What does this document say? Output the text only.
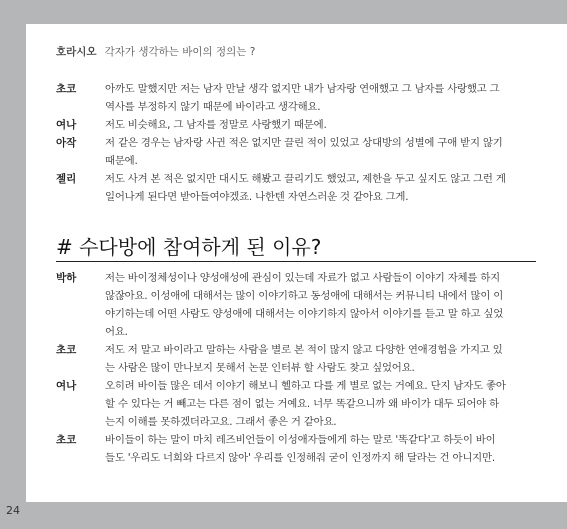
호라시오 각자가 생각하는 바이의 정의는 ?
초코	아까도 말했지만 저는 남자 만날 생각 없지만 내가 남자랑 연애했고 그 남자를 사랑했고 그
역사를 부정하지 않기 때문에 바이라고 생각해요.
여나	저도 비슷해요, 그 남자를 정말로 사랑했기 때문에.
아작	저 같은 경우는 남자랑 사귄 적은 없지만 끌린 적이 있었고 상대방의 성별에 구애 받지 않기
때문에.
젤리	저도 사겨 본 적은 없지만 대시도 해봤고 끌리기도 했었고, 제한을 두고 싶지도 않고 그런 게
일어나게 된다면 받아들여야겠죠. 나한텐 자연스러운 것 같아요 그게.
# 수다방에 참여하게 된 이유?
박하	저는 바이정체성이나 양성애성에 관심이 있는데 자료가 없고 사람들이 이야기 자체를 하지
않잖아요. 이성애에 대해서는 많이 이야기하고 동성애에 대해서는 커뮤니티 내에서 많이 이
야기하는데 어떤 사람도 양성애에 대해서는 이야기하지 않아서 이야기를 듣고 말 하고 싶었
어요.
초코	저도 저 말고 바이라고 말하는 사람을 별로 본 적이 많지 않고 다양한 연애경험을 가지고 있
는 사람은 많이 만나보지 못해서 논문 인터뷰 할 사람도 찾고 싶었어요.
여나	오히려 바이들 많은 데서 이야기 해보니 헬하고 다를 게 별로 없는 거예요. 단지 남자도 좋아
할 수 있다는 거 빼고는 다른 점이 없는 거예요. 너무 똑같으니까 왜 바이가 대두 되어야 하
는지 이해를 못하겠더라고요. 그래서 좋은 거 같아요.
초코	바이들이 하는 말이 마치 레즈비언들이 이성애자들에게 하는 말로 '똑같다'고 하듯이 바이
들도 '우리도 너희와 다르지 않아' 우리를 인정해줘 굳이 인정까지 해 달라는 건 아니지만.
24
